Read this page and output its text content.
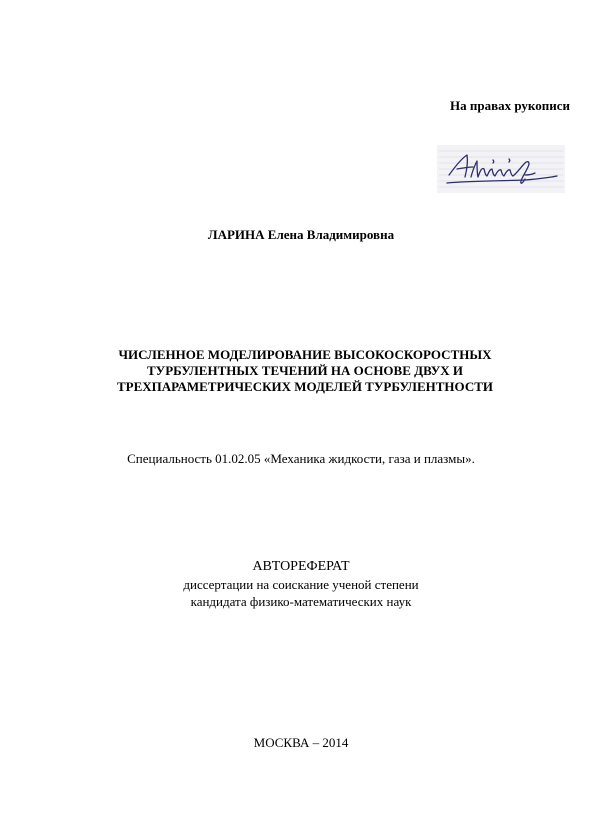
На правах рукописи
ЛАРИНА Елена Владимировна
ЧИСЛЕННОЕ МОДЕЛИРОВАНИЕ ВЫСОКОСКОРОСТНЫХ
ТУРБУЛЕНТНЫХ ТЕЧЕНИЙ НА ОСНОВЕ ДВУХ И
ТРЕХПАРАМЕТРИЧЕСКИХ МОДЕЛЕЙ ТУРБУЛЕНТНОСТИ
Специальность 01.02.05 «Механика жидкости, газа и плазмы».
АВТОРЕФЕРАТ
диссертации на соискание ученой степени
кандидата физико-математических наук
МОСКВА – 2014
